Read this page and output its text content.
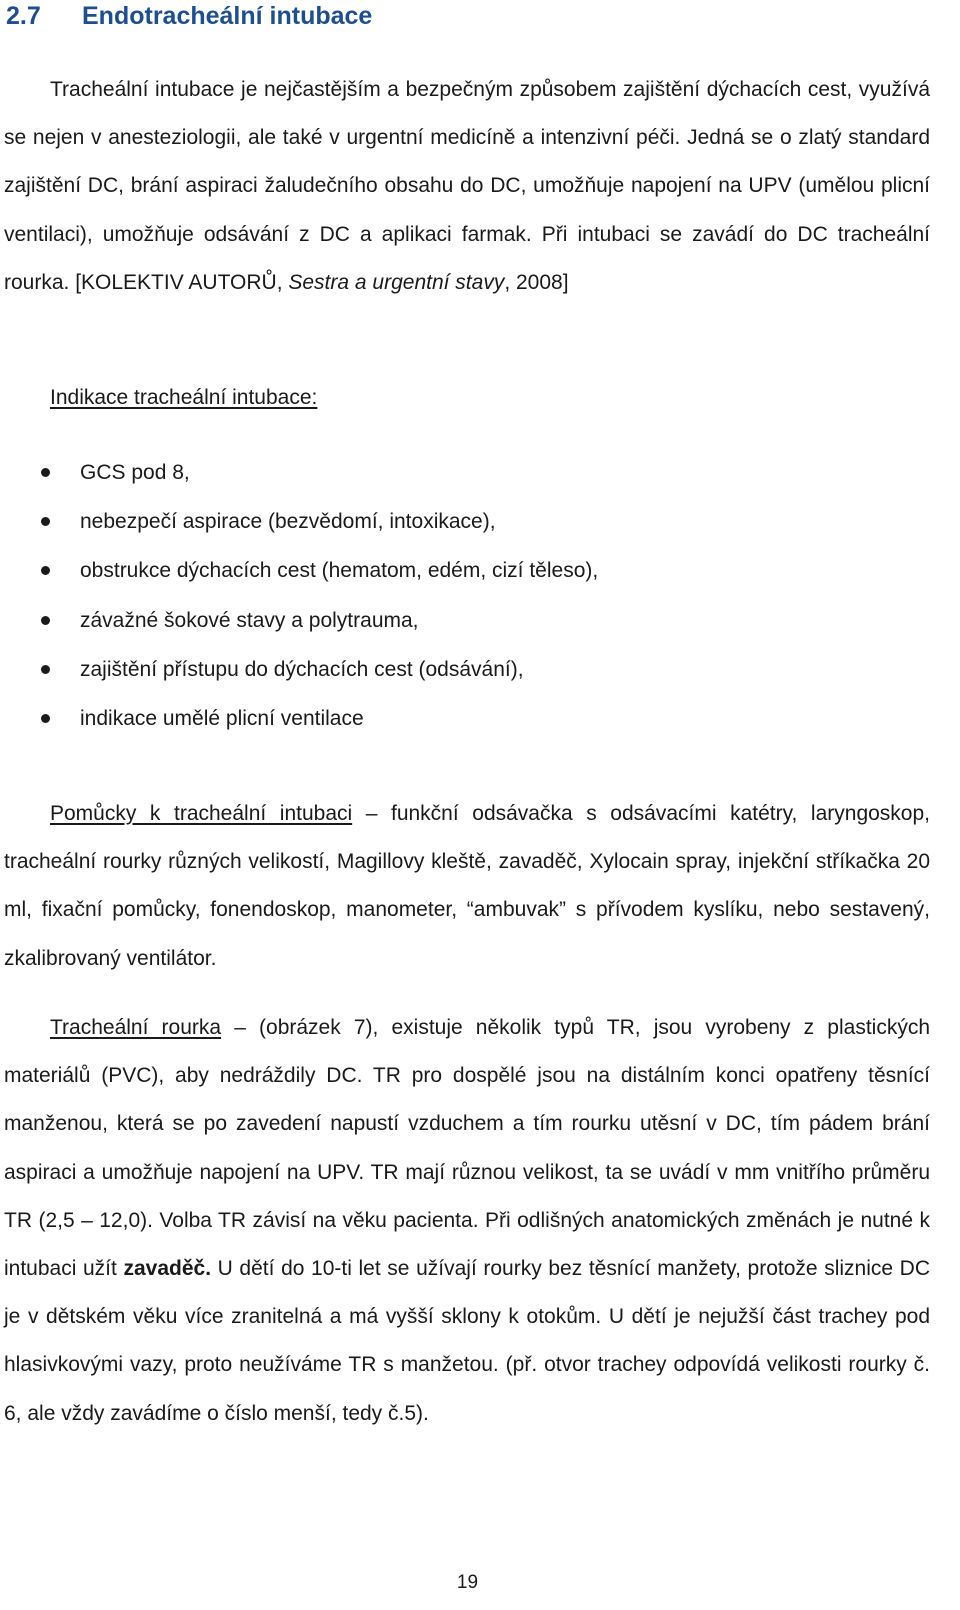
2.7 Endotracheální intubace

Tracheální intubace je nejčastějším a bezpečným způsobem zajištění dýchacích cest, využívá se nejen v anesteziologii, ale také v urgentní medicíně a intenzivní péči. Jedná se o zlatý standard zajištění DC, brání aspiraci žaludečního obsahu do DC, umožňuje napojení na UPV (umělou plicní ventilaci), umožňuje odsávání z DC a aplikaci farmak. Při intubaci se zavádí do DC tracheální rourka. [KOLEKTIV AUTORŮ, Sestra a urgentní stavy, 2008]

Indikace tracheální intubace:

GCS pod 8,
nebezpečí aspirace (bezvědomí, intoxikace),
obstrukce dýchacích cest (hematom, edém, cizí těleso),
závažné šokové stavy a polytrauma,
zajištění přístupu do dýchacích cest (odsávání),
indikace umělé plicní ventilace

Pomůcky k tracheální intubaci – funkční odsávačka s odsávacími katétry, laryngoskop, tracheální rourky různých velikostí, Magillovy kleště, zavaděč, Xylocain spray, injekční stříkačka 20 ml, fixační pomůcky, fonendoskop, manometer, “ambuvak” s přívodem kyslíku, nebo sestavený, zkalibrovaný ventilátor.

Tracheální rourka – (obrázek 7), existuje několik typů TR, jsou vyrobeny z plastických materiálů (PVC), aby nedráždily DC. TR pro dospělé jsou na distálním konci opatřeny těsnící manženou, která se po zavedení napustí vzduchem a tím rourku utěsní v DC, tím pádem brání aspiraci a umožňuje napojení na UPV. TR mají různou velikost, ta se uvádí v mm vnitřího průměru TR (2,5 – 12,0). Volba TR závisí na věku pacienta. Při odlišných anatomických změnách je nutné k intubaci užít zavaděč. U dětí do 10-ti let se užívají rourky bez těsnící manžety, protože sliznice DC je v dětském věku více zranitelná a má vyšší sklony k otokům. U dětí je nejužší část trachey pod hlasivkovými vazy, proto neužíváme TR s manžetou. (př. otvor trachey odpovídá velikosti rourky č. 6, ale vždy zavádíme o číslo menší, tedy č.5).

19
